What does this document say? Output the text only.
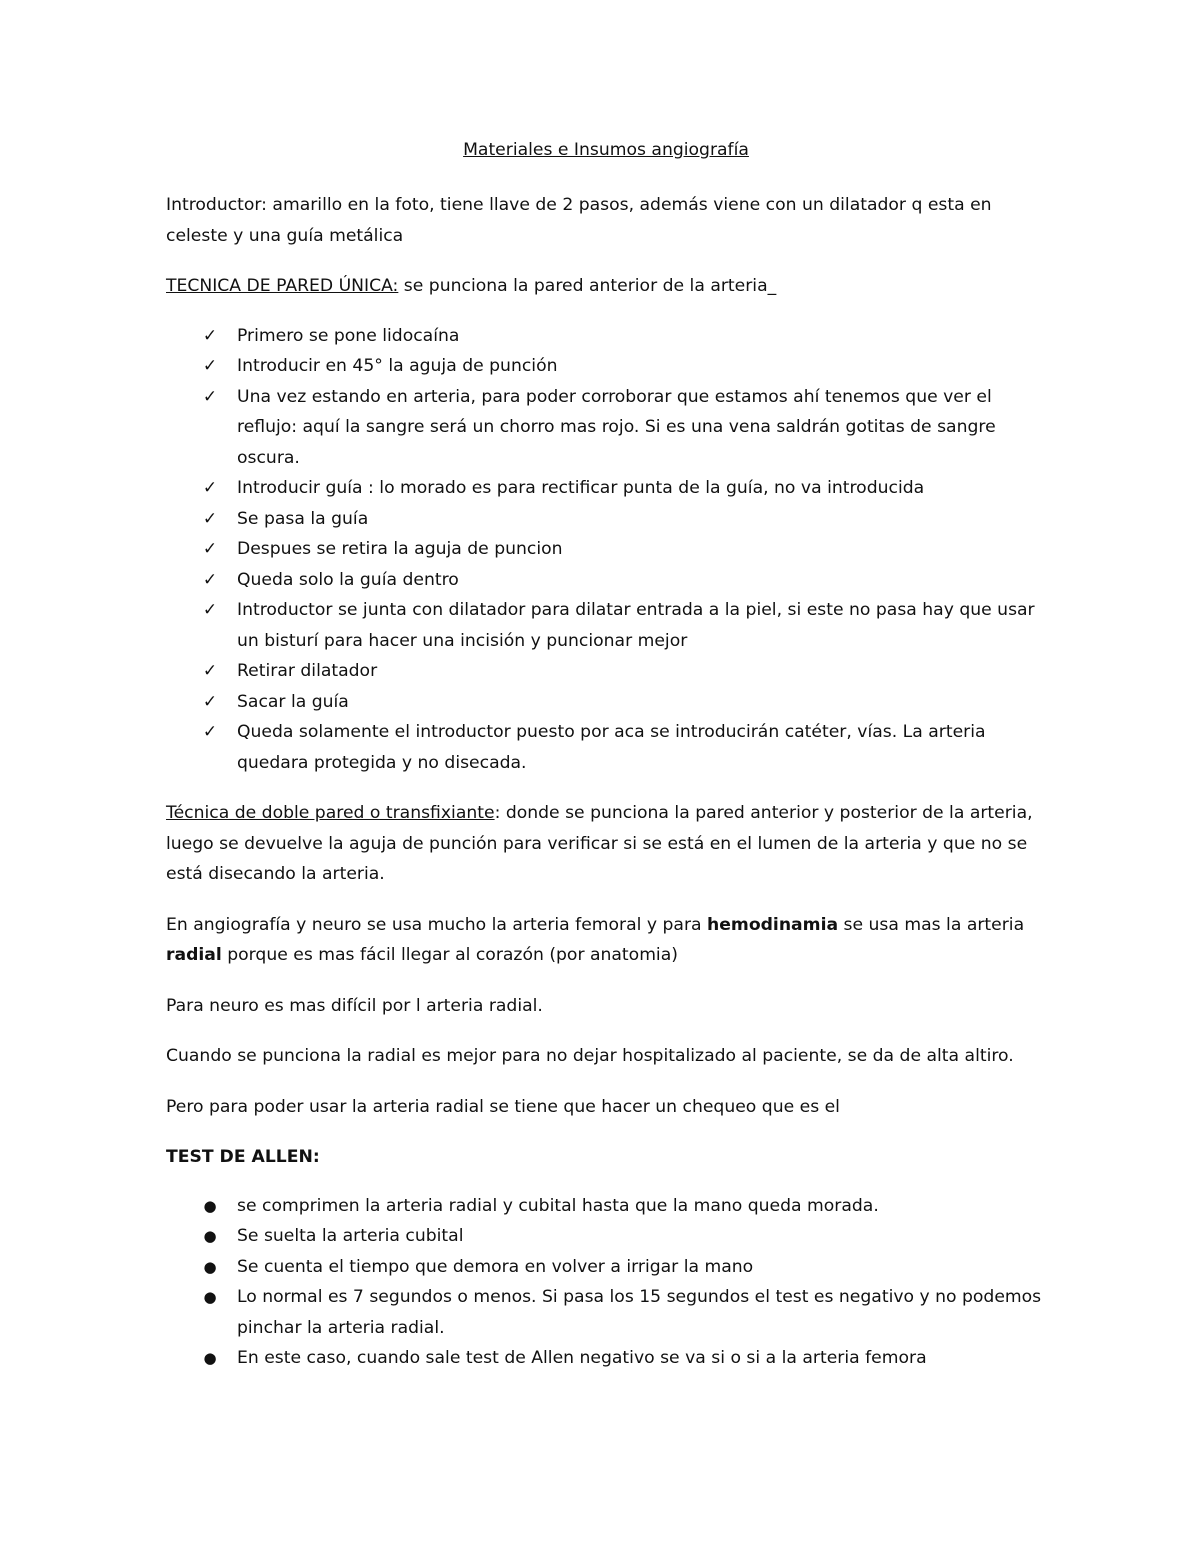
Materiales e Insumos angiografía

Introductor: amarillo en la foto, tiene llave de 2 pasos, además viene con un dilatador q esta en celeste y una guía metálica

TECNICA DE PARED ÚNICA: se punciona la pared anterior de la arteria_

✓ Primero se pone lidocaína
✓ Introducir en 45° la aguja de punción
✓ Una vez estando en arteria, para poder corroborar que estamos ahí tenemos que ver el reflujo: aquí la sangre será un chorro mas rojo. Si es una vena saldrán gotitas de sangre oscura.
✓ Introducir guía : lo morado es para rectificar punta de la guía, no va introducida
✓ Se pasa la guía
✓ Despues se retira la aguja de puncion
✓ Queda solo la guía dentro
✓ Introductor se junta con dilatador para dilatar entrada a la piel, si este no pasa hay que usar un bisturí para hacer una incisión y puncionar mejor
✓ Retirar dilatador
✓ Sacar la guía
✓ Queda solamente el introductor puesto por aca se introducirán catéter, vías. La arteria quedara protegida y no disecada.

Técnica de doble pared o transfixiante: donde se punciona la pared anterior y posterior de la arteria, luego se devuelve la aguja de punción para verificar si se está en el lumen de la arteria y que no se está disecando la arteria.

En angiografía y neuro se usa mucho la arteria femoral y para hemodinamia se usa mas la arteria radial porque es mas fácil llegar al corazón (por anatomia)

Para neuro es mas difícil por l arteria radial.

Cuando se punciona la radial es mejor para no dejar hospitalizado al paciente, se da de alta altiro.

Pero para poder usar la arteria radial se tiene que hacer un chequeo que es el

TEST DE ALLEN:

● se comprimen la arteria radial y cubital hasta que la mano queda morada.
● Se suelta la arteria cubital
● Se cuenta el tiempo que demora en volver a irrigar la mano
● Lo normal es 7 segundos o menos. Si pasa los 15 segundos el test es negativo y no podemos pinchar la arteria radial.
● En este caso, cuando sale test de Allen negativo se va si o si a la arteria femora
